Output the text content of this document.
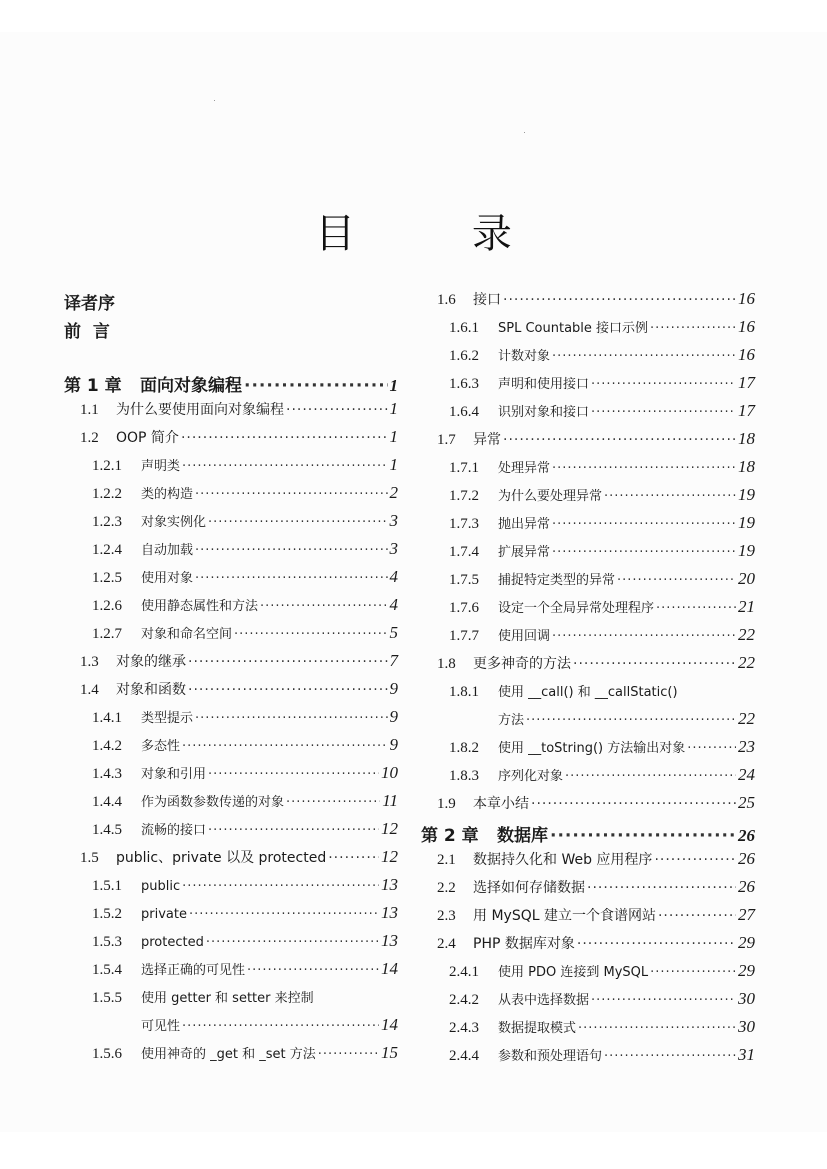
目 录
译者序
前  言
第 1 章	面向对象编程 ·····	1
1.1	为什么要使用面向对象编程 ·····	1
1.2	OOP 简介 ·····	1
1.2.1	声明类 ·····	1
1.2.2	类的构造 ·····	2
1.2.3	对象实例化 ·····	3
1.2.4	自动加载 ·····	3
1.2.5	使用对象 ·····	4
1.2.6	使用静态属性和方法 ·····	4
1.2.7	对象和命名空间 ·····	5
1.3	对象的继承 ·····	7
1.4	对象和函数 ·····	9
1.4.1	类型提示 ·····	9
1.4.2	多态性 ·····	9
1.4.3	对象和引用 ·····	10
1.4.4	作为函数参数传递的对象 ·····	11
1.4.5	流畅的接口 ·····	12
1.5	public、private 以及 protected ·····	12
1.5.1	public ·····	13
1.5.2	private ·····	13
1.5.3	protected ·····	13
1.5.4	选择正确的可见性 ·····	14
1.5.5	使用 getter 和 setter 来控制
可见性 ·····	14
1.5.6	使用神奇的 _get 和 _set 方法 ·····	15
1.6	接口 ·····	16
1.6.1	SPL Countable 接口示例 ·····	16
1.6.2	计数对象 ·····	16
1.6.3	声明和使用接口 ·····	17
1.6.4	识别对象和接口 ·····	17
1.7	异常 ·····	18
1.7.1	处理异常 ·····	18
1.7.2	为什么要处理异常 ·····	19
1.7.3	抛出异常 ·····	19
1.7.4	扩展异常 ·····	19
1.7.5	捕捉特定类型的异常 ·····	20
1.7.6	设定一个全局异常处理程序 ·····	21
1.7.7	使用回调 ·····	22
1.8	更多神奇的方法 ·····	22
1.8.1	使用 __call() 和 __callStatic()
方法 ·····	22
1.8.2	使用 __toString() 方法输出对象 ·····	23
1.8.3	序列化对象 ·····	24
1.9	本章小结 ·····	25
第 2 章	数据库 ·····	26
2.1	数据持久化和 Web 应用程序 ·····	26
2.2	选择如何存储数据 ·····	26
2.3	用 MySQL 建立一个食谱网站 ·····	27
2.4	PHP 数据库对象 ·····	29
2.4.1	使用 PDO 连接到 MySQL ·····	29
2.4.2	从表中选择数据 ·····	30
2.4.3	数据提取模式 ·····	30
2.4.4	参数和预处理语句 ·····	31
